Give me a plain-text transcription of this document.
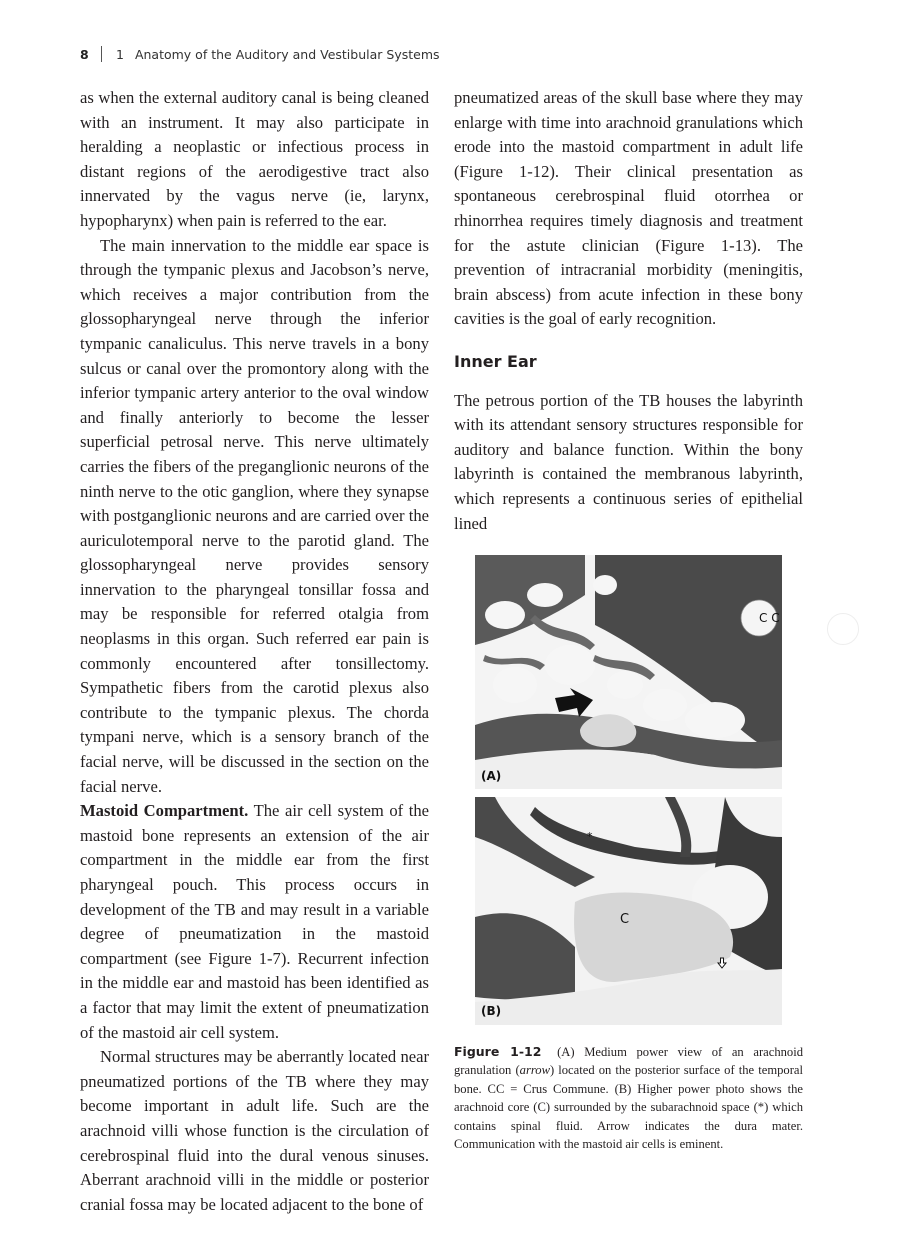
8 1 Anatomy of the Auditory and Vestibular Systems

as when the external auditory canal is being cleaned with an instrument. It may also participate in heralding a neoplastic or infectious process in distant regions of the aerodigestive tract also innervated by the vagus nerve (ie, larynx, hypopharynx) when pain is referred to the ear.

The main innervation to the middle ear space is through the tympanic plexus and Jacobson’s nerve, which receives a major contribution from the glossopharyngeal nerve through the inferior tympanic canaliculus. This nerve travels in a bony sulcus or canal over the promontory along with the inferior tympanic artery anterior to the oval window and finally anteriorly to become the lesser superficial petrosal nerve. This nerve ultimately carries the fibers of the preganglionic neurons of the ninth nerve to the otic ganglion, where they synapse with postganglionic neurons and are carried over the auriculotemporal nerve to the parotid gland. The glossopharyngeal nerve provides sensory innervation to the pharyngeal tonsillar fossa and may be responsible for referred otalgia from neoplasms in this organ. Such referred ear pain is commonly encountered after tonsillectomy. Sympathetic fibers from the carotid plexus also contribute to the tympanic plexus. The chorda tympani nerve, which is a sensory branch of the facial nerve, will be discussed in the section on the facial nerve.

Mastoid Compartment. The air cell system of the mastoid bone represents an extension of the air compartment in the middle ear from the first pharyngeal pouch. This process occurs in development of the TB and may result in a variable degree of pneumatization in the mastoid compartment (see Figure 1-7). Recurrent infection in the middle ear and mastoid has been identified as a factor that may limit the extent of pneumatization of the mastoid air cell system.

Normal structures may be aberrantly located near pneumatized portions of the TB where they may become important in adult life. Such are the arachnoid villi whose function is the circulation of cerebrospinal fluid into the dural venous sinuses. Aberrant arachnoid villi in the middle or posterior cranial fossa may be located adjacent to the bone of

pneumatized areas of the skull base where they may enlarge with time into arachnoid granulations which erode into the mastoid compartment in adult life (Figure 1-12). Their clinical presentation as spontaneous cerebrospinal fluid otorrhea or rhinorrhea requires timely diagnosis and treatment for the astute clinician (Figure 1-13). The prevention of intracranial morbidity (meningitis, brain abscess) from acute infection in these bony cavities is the goal of early recognition.

Inner Ear

The petrous portion of the TB houses the labyrinth with its attendant sensory structures responsible for auditory and balance function. Within the bony labyrinth is contained the membranous labyrinth, which represents a continuous series of epithelial lined

C C
(A)
*
C
(B)
Figure 1-12 (A) Medium power view of an arachnoid granulation (arrow) located on the posterior surface of the temporal bone. CC = Crus Commune. (B) Higher power photo shows the arachnoid core (C) surrounded by the subarachnoid space (*) which contains spinal fluid. Arrow indicates the dura mater. Communication with the mastoid air cells is eminent.
